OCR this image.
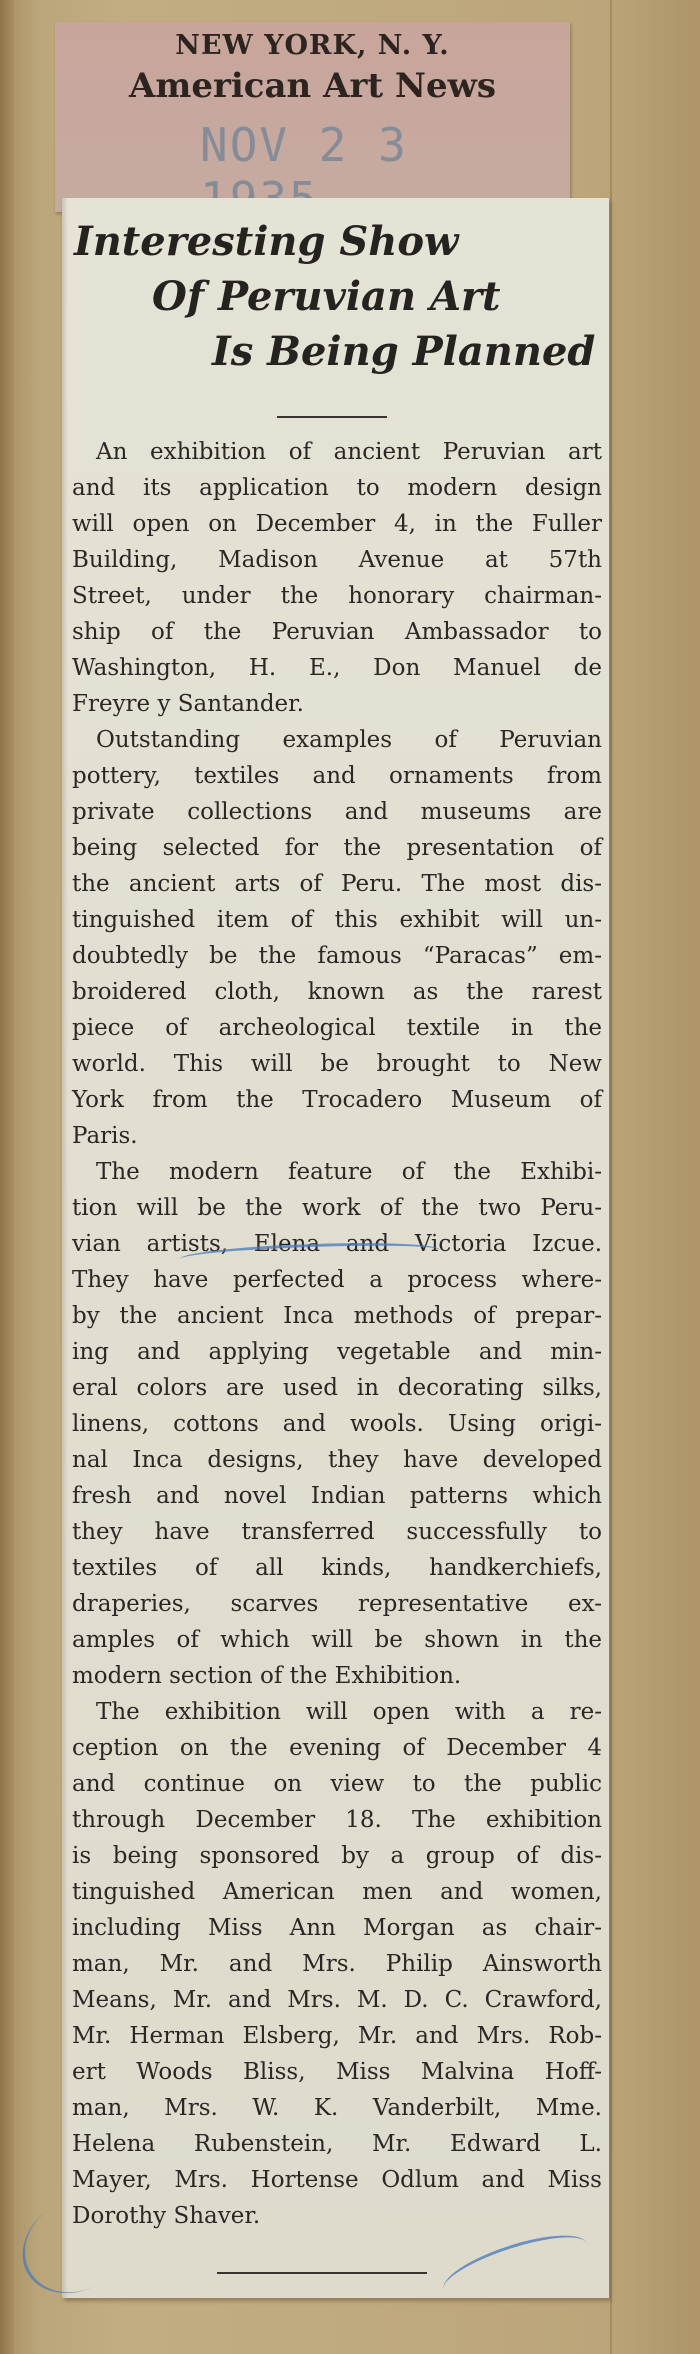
NEW YORK, N. Y.
American Art News
NOV 2 3
Interesting Show
Of Peruvian Art
Is Being Planned
An exhibition of ancient Peruvian art
and its application to modern design
will open on December 4, in the Fuller
Building, Madison Avenue at 57th
Street, under the honorary chairman-
ship of the Peruvian Ambassador to
Washington, H. E., Don Manuel de
Freyre y Santander.
Outstanding examples of Peruvian
pottery, textiles and ornaments from
private collections and museums are
being selected for the presentation of
the ancient arts of Peru. The most dis-
tinguished item of this exhibit will un-
doubtedly be the famous “Paracas” em-
broidered cloth, known as the rarest
piece of archeological textile in the
world. This will be brought to New
York from the Trocadero Museum of
Paris.
The modern feature of the Exhibi-
tion will be the work of the two Peru-
vian artists, Elena and Victoria Izcue.
They have perfected a process where-
by the ancient Inca methods of prepar-
ing and applying vegetable and min-
eral colors are used in decorating silks,
linens, cottons and wools. Using origi-
nal Inca designs, they have developed
fresh and novel Indian patterns which
they have transferred successfully to
textiles of all kinds, handkerchiefs,
draperies, scarves representative ex-
amples of which will be shown in the
modern section of the Exhibition.
The exhibition will open with a re-
ception on the evening of December 4
and continue on view to the public
through December 18. The exhibition
is being sponsored by a group of dis-
tinguished American men and women,
including Miss Ann Morgan as chair-
man, Mr. and Mrs. Philip Ainsworth
Means, Mr. and Mrs. M. D. C. Crawford,
Mr. Herman Elsberg, Mr. and Mrs. Rob-
ert Woods Bliss, Miss Malvina Hoff-
man, Mrs. W. K. Vanderbilt, Mme.
Helena Rubenstein, Mr. Edward L.
Mayer, Mrs. Hortense Odlum and Miss
Dorothy Shaver.
